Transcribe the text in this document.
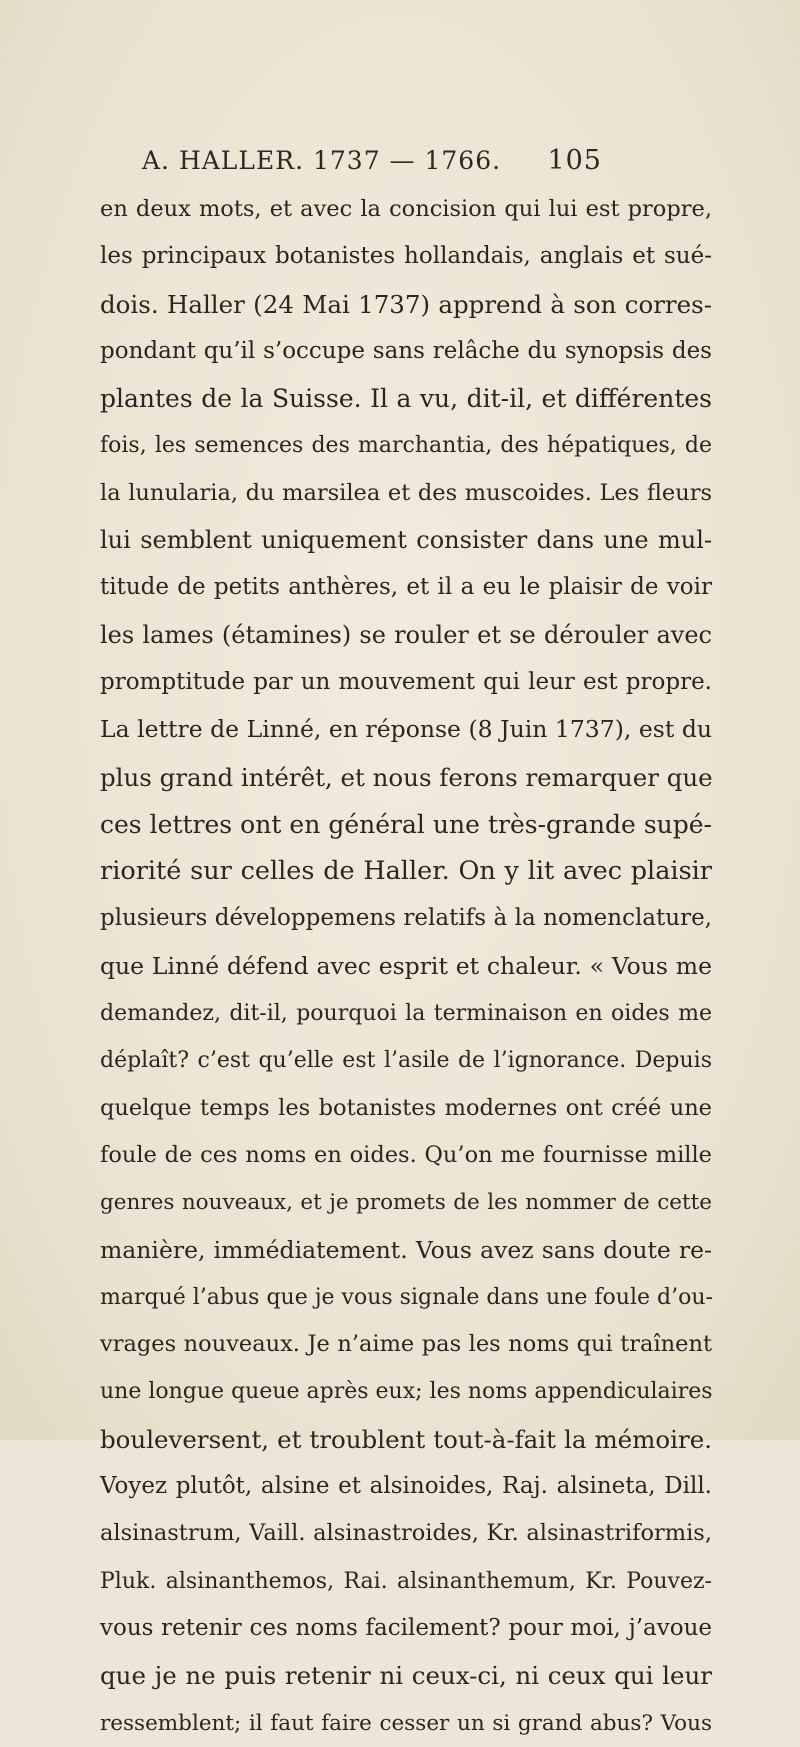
A. HALLER. 1737 — 1766. 105
en deux mots, et avec la concision qui lui est propre,
les principaux botanistes hollandais, anglais et sué-
dois. Haller (24 Mai 1737) apprend à son corres-
pondant qu’il s’occupe sans relâche du synopsis des
plantes de la Suisse. Il a vu, dit-il, et différentes
fois, les semences des marchantia, des hépatiques, de
la lunularia, du marsilea et des muscoides. Les fleurs
lui semblent uniquement consister dans une mul-
titude de petits anthères, et il a eu le plaisir de voir
les lames (étamines) se rouler et se dérouler avec
promptitude par un mouvement qui leur est propre.
La lettre de Linné, en réponse (8 Juin 1737), est du
plus grand intérêt, et nous ferons remarquer que
ces lettres ont en général une très-grande supé-
riorité sur celles de Haller. On y lit avec plaisir
plusieurs développemens relatifs à la nomenclature,
que Linné défend avec esprit et chaleur. « Vous me
demandez, dit-il, pourquoi la terminaison en oides me
déplaît? c’est qu’elle est l’asile de l’ignorance. Depuis
quelque temps les botanistes modernes ont créé une
foule de ces noms en oides. Qu’on me fournisse mille
genres nouveaux, et je promets de les nommer de cette
manière, immédiatement. Vous avez sans doute re-
marqué l’abus que je vous signale dans une foule d’ou-
vrages nouveaux. Je n’aime pas les noms qui traînent
une longue queue après eux; les noms appendiculaires
bouleversent, et troublent tout-à-fait la mémoire.
Voyez plutôt, alsine et alsinoides, Raj. alsineta, Dill.
alsinastrum, Vaill. alsinastroides, Kr. alsinastriformis,
Pluk. alsinanthemos, Rai. alsinanthemum, Kr. Pouvez-
vous retenir ces noms facilement? pour moi, j’avoue
que je ne puis retenir ni ceux-ci, ni ceux qui leur
ressemblent; il faut faire cesser un si grand abus? Vous
